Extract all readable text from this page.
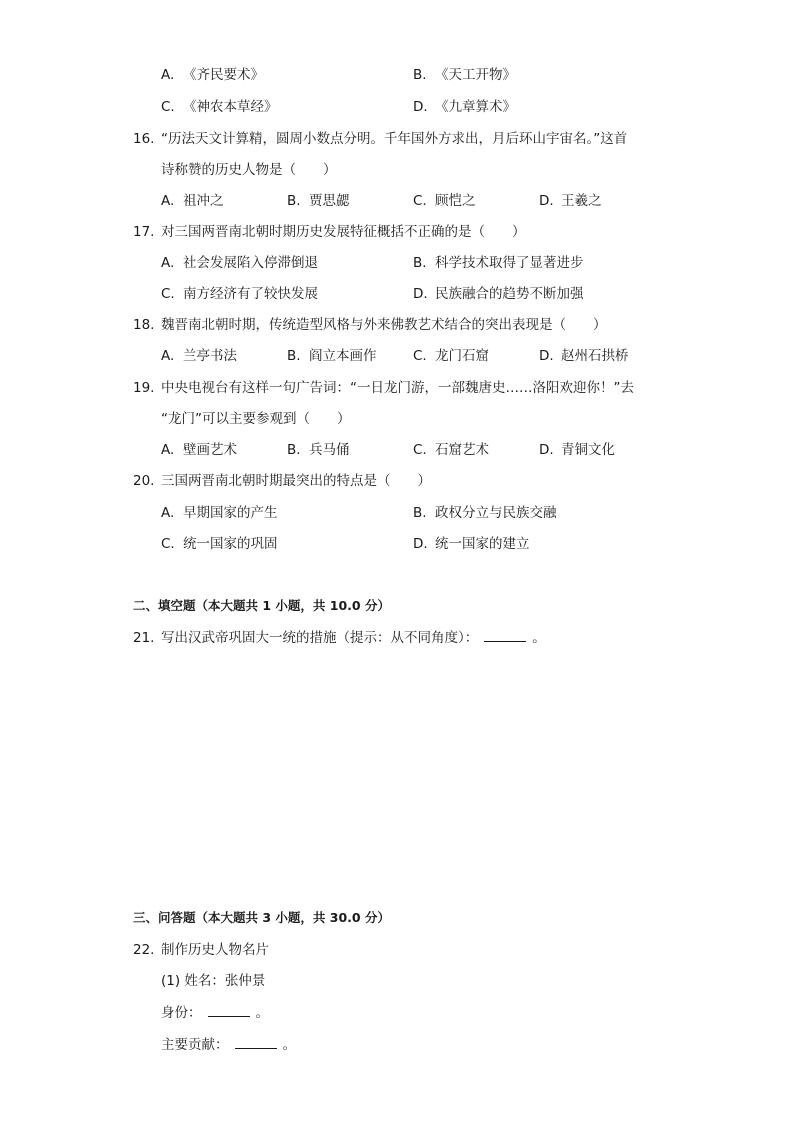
A. 《齐民要术》	B. 《天工开物》
C. 《神农本草经》	D. 《九章算术》
16. “历法天文计算精，圆周小数点分明。千年国外方求出，月后环山宇宙名。”这首
诗称赞的历史人物是（　　）
A. 祖冲之	B. 贾思勰	C. 顾恺之	D. 王羲之
17. 对三国两晋南北朝时期历史发展特征概括不正确的是（　　）
A. 社会发展陷入停滞倒退	B. 科学技术取得了显著进步
C. 南方经济有了较快发展	D. 民族融合的趋势不断加强
18. 魏晋南北朝时期，传统造型风格与外来佛教艺术结合的突出表现是（　　）
A. 兰亭书法	B. 阎立本画作	C. 龙门石窟	D. 赵州石拱桥
19. 中央电视台有这样一句广告词：“一日龙门游，一部魏唐史……洛阳欢迎你！”去
“龙门”可以主要参观到（　　）
A. 壁画艺术	B. 兵马俑	C. 石窟艺术	D. 青铜文化
20. 三国两晋南北朝时期最突出的特点是（　　）
A. 早期国家的产生	B. 政权分立与民族交融
C. 统一国家的巩固	D. 统一国家的建立
二、填空题（本大题共 1 小题，共 10.0 分）
21. 写出汉武帝巩固大一统的措施（提示：从不同角度）：	。
三、问答题（本大题共 3 小题，共 30.0 分）
22. 制作历史人物名片
(1) 姓名：张仲景
身份：	。
主要贡献：	。
